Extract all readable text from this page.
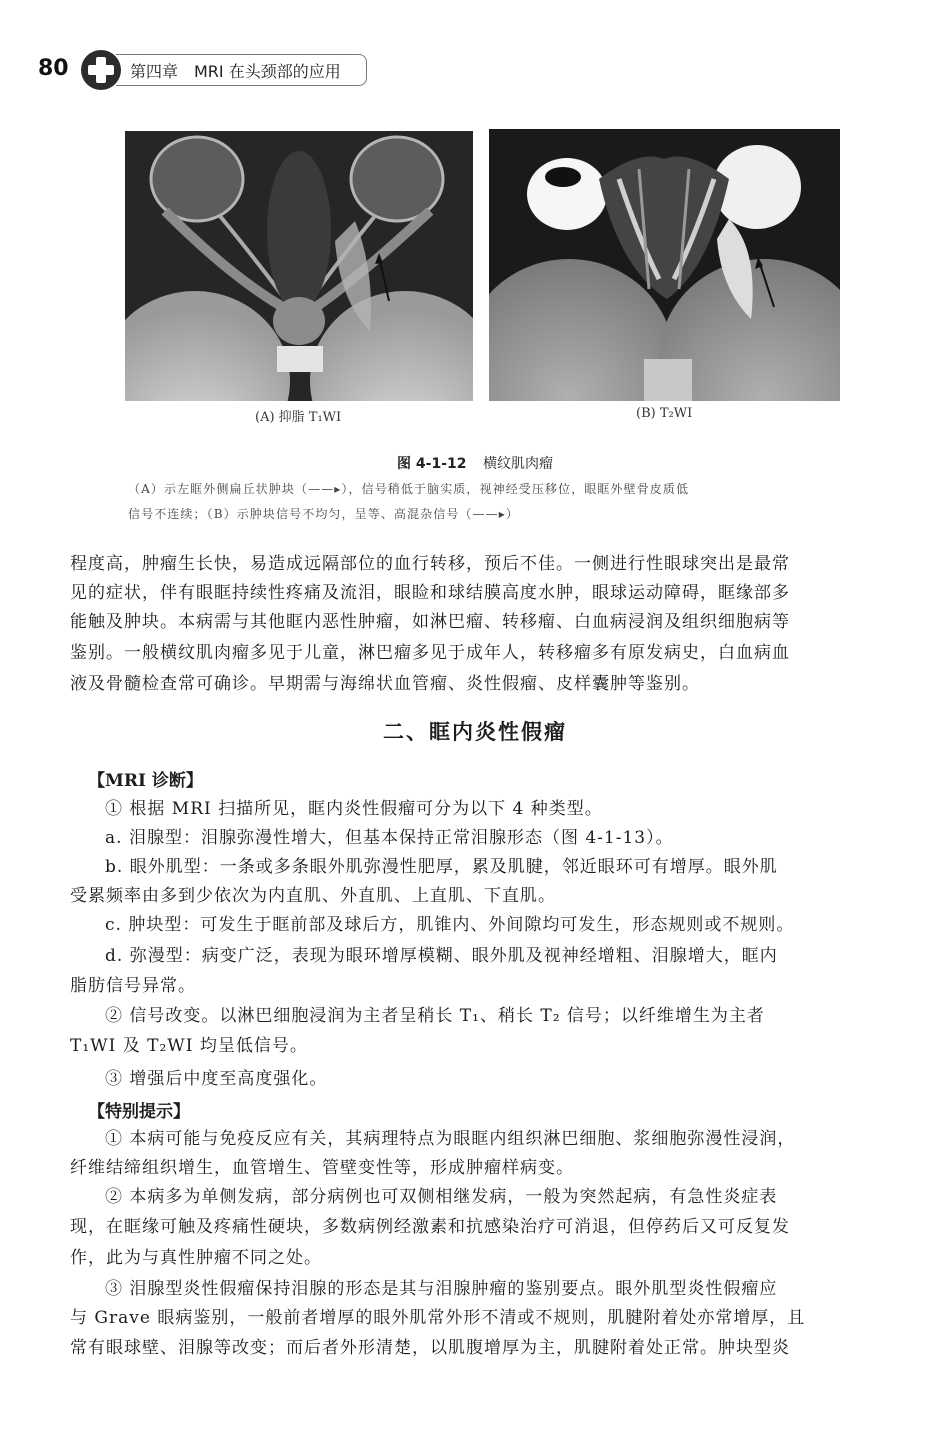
80	第四章　MRI 在头颈部的应用
(A) 抑脂 T₁WI	(B) T₂WI
图 4-1-12 横纹肌肉瘤
（A）示左眶外侧扁丘状肿块（——▸），信号稍低于脑实质，视神经受压移位，眼眶外壁骨皮质低
信号不连续；（B）示肿块信号不均匀，呈等、高混杂信号（——▸）
程度高，肿瘤生长快，易造成远隔部位的血行转移，预后不佳。一侧进行性眼球突出是最常
见的症状，伴有眼眶持续性疼痛及流泪，眼睑和球结膜高度水肿，眼球运动障碍，眶缘部多
能触及肿块。本病需与其他眶内恶性肿瘤，如淋巴瘤、转移瘤、白血病浸润及组织细胞病等
鉴别。一般横纹肌肉瘤多见于儿童，淋巴瘤多见于成年人，转移瘤多有原发病史，白血病血
液及骨髓检查常可确诊。早期需与海绵状血管瘤、炎性假瘤、皮样囊肿等鉴别。
二、眶内炎性假瘤
【MRI 诊断】
① 根据 MRI 扫描所见，眶内炎性假瘤可分为以下 4 种类型。
a. 泪腺型：泪腺弥漫性增大，但基本保持正常泪腺形态（图 4-1-13）。
b. 眼外肌型：一条或多条眼外肌弥漫性肥厚，累及肌腱，邻近眼环可有增厚。眼外肌
受累频率由多到少依次为内直肌、外直肌、上直肌、下直肌。
c. 肿块型：可发生于眶前部及球后方，肌锥内、外间隙均可发生，形态规则或不规则。
d. 弥漫型：病变广泛，表现为眼环增厚模糊、眼外肌及视神经增粗、泪腺增大，眶内
脂肪信号异常。
② 信号改变。以淋巴细胞浸润为主者呈稍长 T₁、稍长 T₂ 信号；以纤维增生为主者
T₁WI 及 T₂WI 均呈低信号。
③ 增强后中度至高度强化。
【特别提示】
① 本病可能与免疫反应有关，其病理特点为眼眶内组织淋巴细胞、浆细胞弥漫性浸润，
纤维结缔组织增生，血管增生、管壁变性等，形成肿瘤样病变。
② 本病多为单侧发病，部分病例也可双侧相继发病，一般为突然起病，有急性炎症表
现，在眶缘可触及疼痛性硬块，多数病例经激素和抗感染治疗可消退，但停药后又可反复发
作，此为与真性肿瘤不同之处。
③ 泪腺型炎性假瘤保持泪腺的形态是其与泪腺肿瘤的鉴别要点。眼外肌型炎性假瘤应
与 Grave 眼病鉴别，一般前者增厚的眼外肌常外形不清或不规则，肌腱附着处亦常增厚，且
常有眼球壁、泪腺等改变；而后者外形清楚，以肌腹增厚为主，肌腱附着处正常。肿块型炎
